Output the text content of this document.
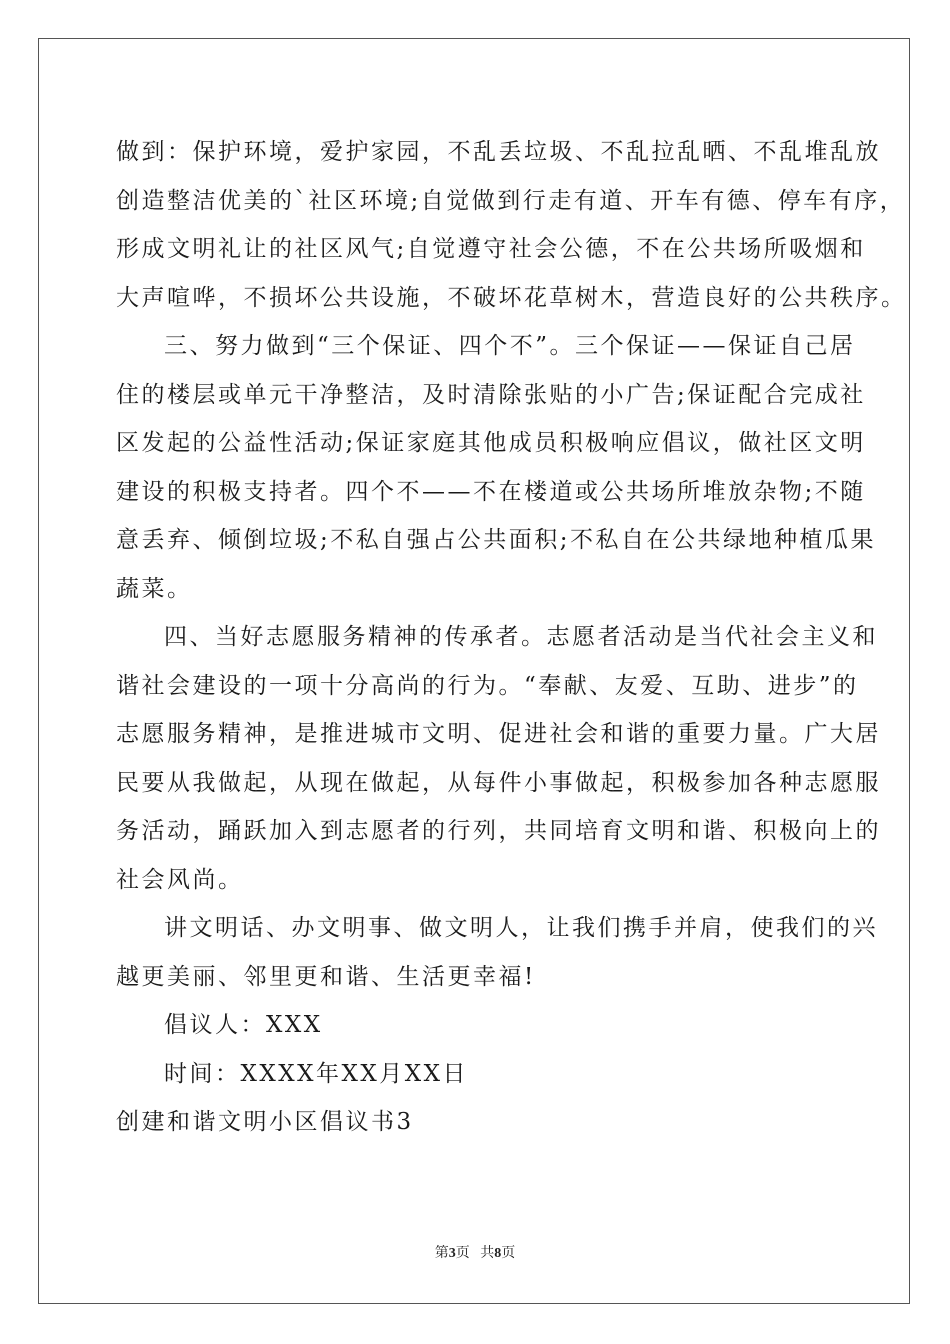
做到：保护环境，爱护家园，不乱丢垃圾、不乱拉乱晒、不乱堆乱放
创造整洁优美的`社区环境;自觉做到行走有道、开车有德、停车有序，
形成文明礼让的社区风气;自觉遵守社会公德，不在公共场所吸烟和
大声喧哗，不损坏公共设施，不破坏花草树木，营造良好的公共秩序。
三、努力做到“三个保证、四个不”。三个保证——保证自己居
住的楼层或单元干净整洁，及时清除张贴的小广告;保证配合完成社
区发起的公益性活动;保证家庭其他成员积极响应倡议，做社区文明
建设的积极支持者。四个不——不在楼道或公共场所堆放杂物;不随
意丢弃、倾倒垃圾;不私自强占公共面积;不私自在公共绿地种植瓜果
蔬菜。
四、当好志愿服务精神的传承者。志愿者活动是当代社会主义和
谐社会建设的一项十分高尚的行为。“奉献、友爱、互助、进步”的
志愿服务精神，是推进城市文明、促进社会和谐的重要力量。广大居
民要从我做起，从现在做起，从每件小事做起，积极参加各种志愿服
务活动，踊跃加入到志愿者的行列，共同培育文明和谐、积极向上的
社会风尚。
讲文明话、办文明事、做文明人，让我们携手并肩，使我们的兴
越更美丽、邻里更和谐、生活更幸福!
倡议人：XXX
时间：XXXX年XX月XX日
创建和谐文明小区倡议书3
第3页 共8页
